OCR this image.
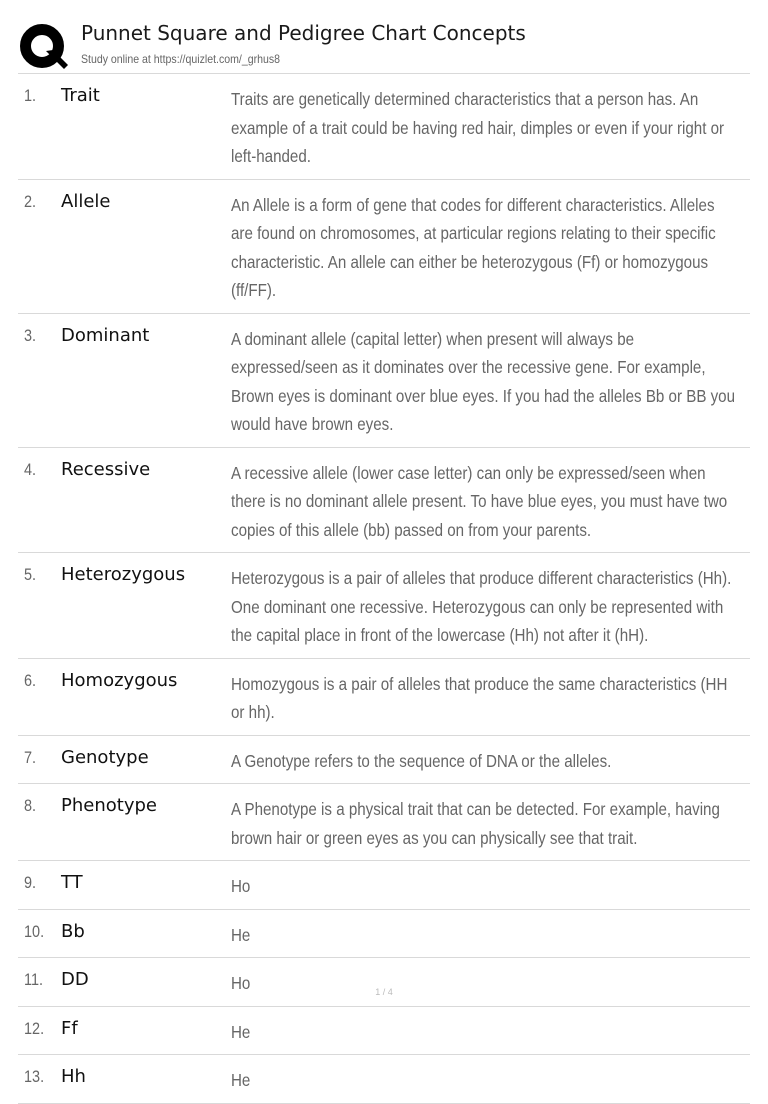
Punnet Square and Pedigree Chart Concepts
Study online at https://quizlet.com/_grhus8
1. Trait	Traits are genetically determined characteristics that a person has. An example of a trait could be having red hair, dimples or even if your right or left-handed.
2. Allele	An Allele is a form of gene that codes for different characteristics. Alleles are found on chromosomes, at particular regions relating to their specific characteristic. An allele can either be heterozygous (Ff) or homozygous (ff/FF).
3. Dominant	A dominant allele (capital letter) when present will always be expressed/seen as it dominates over the recessive gene. For example, Brown eyes is dominant over blue eyes. If you had the alleles Bb or BB you would have brown eyes.
4. Recessive	A recessive allele (lower case letter) can only be expressed/seen when there is no dominant allele present. To have blue eyes, you must have two copies of this allele (bb) passed on from your parents.
5. Heterozygous	Heterozygous is a pair of alleles that produce different characteristics (Hh). One dominant one recessive. Heterozygous can only be represented with the capital place in front of the lowercase (Hh) not after it (hH).
6. Homozygous	Homozygous is a pair of alleles that produce the same characteristics (HH or hh).
7. Genotype	A Genotype refers to the sequence of DNA or the alleles.
8. Phenotype	A Phenotype is a physical trait that can be detected. For example, having brown hair or green eyes as you can physically see that trait.
9. TT	Ho
10. Bb	He
11. DD	Ho
12. Ff	He
13. Hh	He
1 / 4
